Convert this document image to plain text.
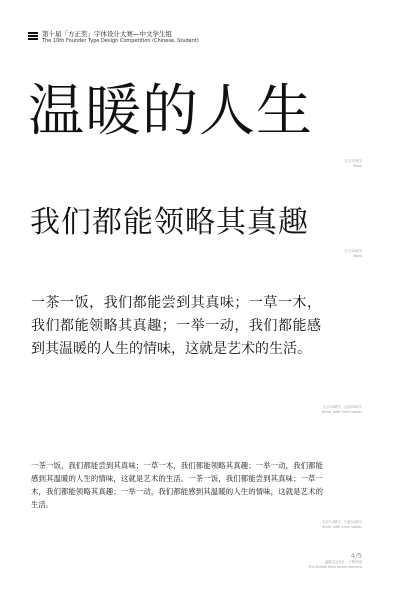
第十届「方正奖」字体设计大赛—中文学生组
The 10th Founder Type Design Competition (Chinese, Student)
温暖的人生
支字72磅字
Show
我们都能领略其真趣
支字32磅字
Show
一茶一饭，我们都能尝到其真味；一草一木，我们都能领略其真趣；一举一动，我们都能感到其温暖的人生的情味，这就是艺术的生活。
支字14磅字，行距23磅字
8mm, with 5mm leader
一茶一饭，我们都能尝到其真味；一草一木，我们都能领略其真趣；一举一动，我们都能感到其温暖的人生的情味，这就是艺术的生活。一茶一饭，我们都能尝到其真味；一草一木，我们都能领略其真趣；一举一动，我们都能感到其温暖的人生的情味，这就是艺术的生活。
支字7.4磅字，行距13磅字
4mm, with 2mm leader
4/5
温暖生活设计，不断探索
The thread from series element
